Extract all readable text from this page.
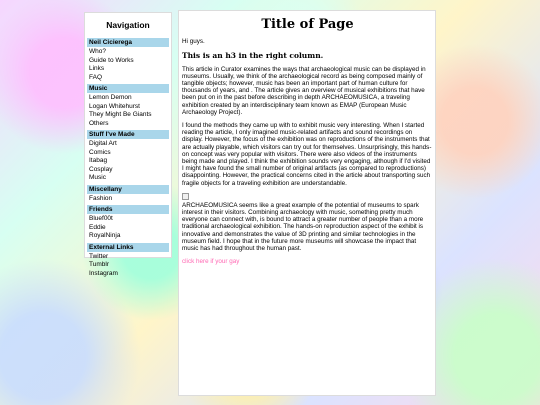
Navigation
Neil Cicierega
Who?
Guide to Works
Links
FAQ
Music
Lemon Demon
Logan Whitehurst
They Might Be Giants
Others
Stuff I've Made
Digital Art
Comics
Itabag
Cosplay
Music
Miscellany
Fashion
Friends
Bluef00t
Eddie
RoyalNinja
External Links
Twitter
Tumblr
Instagram
Title of Page

Hi guys.

This is an h3 in the right column.

This article in Curator examines the ways that archaeological music can be displayed in museums. Usually, we think of the archaeological record as being composed mainly of tangible objects; however, music has been an important part of human culture for thousands of years, and . The article gives an overview of musical exhibitions that have been put on in the past before describing in depth ARCHAEOMUSICA, a traveling exhibition created by an interdisciplinary team known as EMAP (European Music Archaeology Project).

I found the methods they came up with to exhibit music very interesting. When I started reading the article, I only imagined music-related artifacts and sound recordings on display. However, the focus of the exhibition was on reproductions of the instruments that are actually playable, which visitors can try out for themselves. Unsurprisingly, this hands-on concept was very popular with visitors. There were also videos of the instruments being made and played. I think the exhibition sounds very engaging, although if I'd visited I might have found the small number of original artifacts (as compared to reproductions) disappointing. However, the practical concerns cited in the article about transporting such fragile objects for a traveling exhibition are understandable.

ARCHAEOMUSICA seems like a great example of the potential of museums to spark interest in their visitors. Combining archaeology with music, something pretty much everyone can connect with, is bound to attract a greater number of people than a more traditional archaeological exhibition. The hands-on reproduction aspect of the exhibit is innovative and demonstrates the value of 3D printing and similar technologies in the museum field. I hope that in the future more museums will showcase the impact that music has had throughout the human past.

click here if your gay
